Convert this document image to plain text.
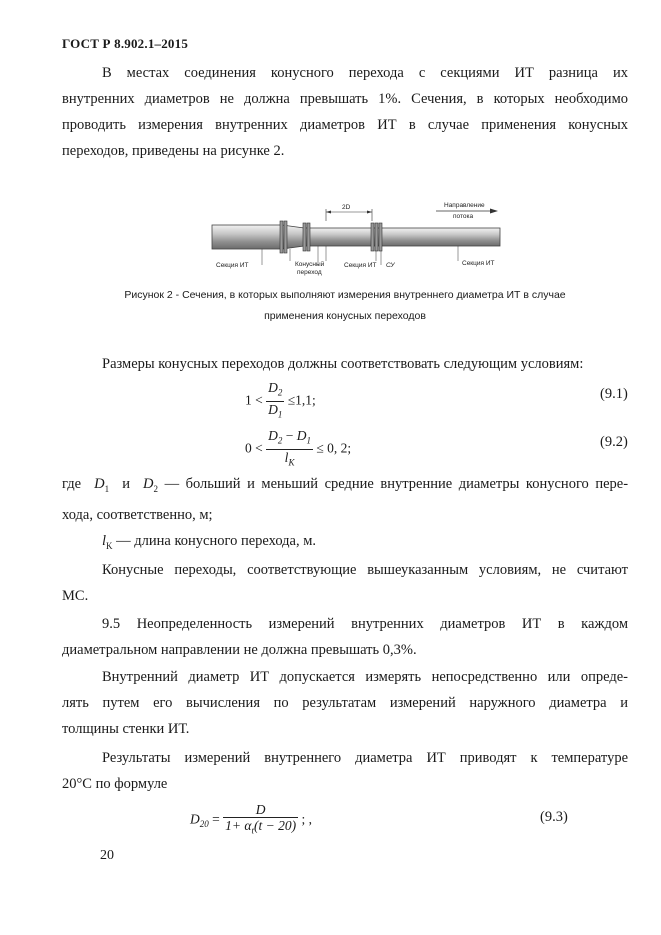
ГОСТ Р 8.902.1–2015
В местах соединения конусного перехода с секциями ИТ разница их
внутренних диаметров не должна превышать 1%. Сечения, в которых необходимо
проводить измерения внутренних диаметров ИТ в случае применения конусных
переходов, приведены на рисунке 2.
2D	Направление
потока
Секция ИТ	Конусный
переход
Секция ИТ СУ	Секция ИТ
Рисунок 2 - Сечения, в которых выполняют измерения внутреннего диаметра ИТ в случае
применения конусных переходов
Размеры конусных переходов должны соответствовать следующим условиям:
$1 < \frac{D_2}{D_1} \le 1,1$;	(9.1)
$0 < \frac{D_2 - D_1}{l_K} \le 0$, 2;	(9.2)
где $D_1$ и $D_2$ — больший и меньший средние внутренние диаметры конусного пере-
хода, соответственно, м;
$l_K$ — длина конусного перехода, м.
Конусные переходы, соответствующие вышеуказанным условиям, не считают
МС.
9.5 Неопределенность измерений внутренних диаметров ИТ в каждом
диаметральном направлении не должна превышать 0,3%.
Внутренний диаметр ИТ допускается измерять непосредственно или опреде-
лять путем его вычисления по результатам измерений наружного диаметра и
толщины стенки ИТ.
Результаты измерений внутреннего диаметра ИТ приводят к температуре
20°С по формуле
$D_{20} = \frac{D}{1+ \alpha_t(t - 20)}$ ; ,	(9.3)
20
